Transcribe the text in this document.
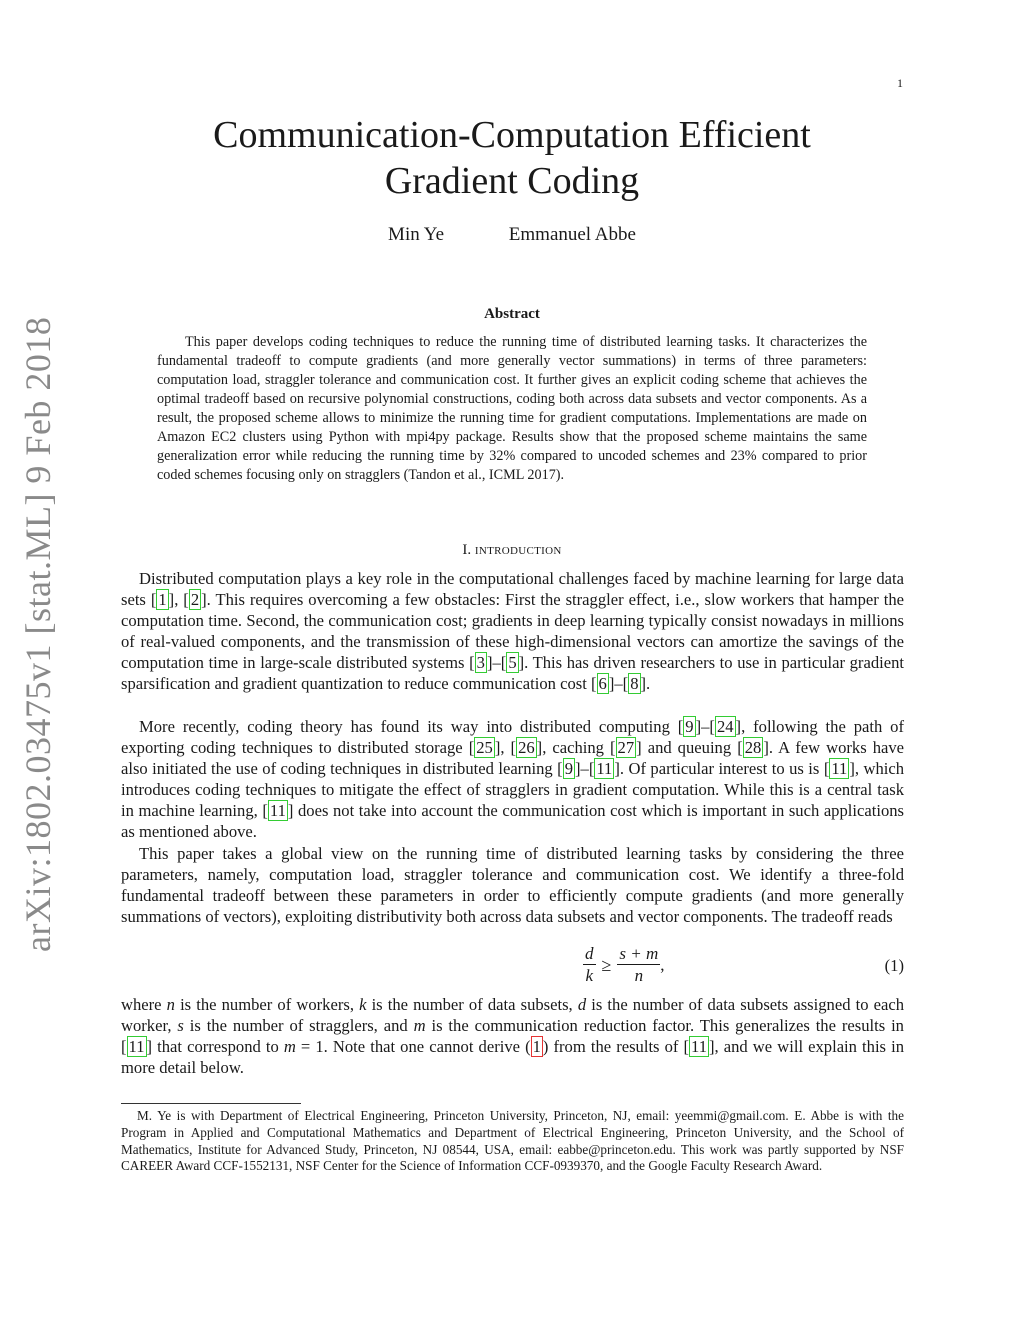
1
arXiv:1802.03475v1 [stat.ML] 9 Feb 2018
Communication-Computation Efficient
Gradient Coding
Min Ye	Emmanuel Abbe
Abstract

This paper develops coding techniques to reduce the running time of distributed learning tasks. It characterizes the fundamental tradeoff to compute gradients (and more generally vector summations) in terms of three parameters: computation load, straggler tolerance and communication cost. It further gives an explicit coding scheme that achieves the optimal tradeoff based on recursive polynomial constructions, coding both across data subsets and vector components. As a result, the proposed scheme allows to minimize the running time for gradient computations. Implementations are made on Amazon EC2 clusters using Python with mpi4py package. Results show that the proposed scheme maintains the same generalization error while reducing the running time by 32% compared to uncoded schemes and 23% compared to prior coded schemes focusing only on stragglers (Tandon et al., ICML 2017).

I. introduction

Distributed computation plays a key role in the computational challenges faced by machine learning for large data sets [ 1 ], [ 2 ]. This requires overcoming a few obstacles: First the straggler effect, i.e., slow workers that hamper the computation time. Second, the communication cost; gradients in deep learning typically consist nowadays in millions of real-valued components, and the transmission of these high-dimensional vectors can amortize the savings of the computation time in large-scale distributed systems [ 3 ]–[ 5 ]. This has driven researchers to use in particular gradient sparsification and gradient quantization to reduce communication cost [ 6 ]–[ 8 ].

More recently, coding theory has found its way into distributed computing [ 9 ]–[ 24 ], following the path of exporting coding techniques to distributed storage [ 25 ], [ 26 ], caching [ 27 ] and queuing [ 28 ]. A few works have also initiated the use of coding techniques in distributed learning [ 9 ]–[ 11 ]. Of particular interest to us is [ 11 ], which introduces coding techniques to mitigate the effect of stragglers in gradient computation. While this is a central task in machine learning, [ 11 ] does not take into account the communication cost which is important in such applications as mentioned above.

This paper takes a global view on the running time of distributed learning tasks by considering the three parameters, namely, computation load, straggler tolerance and communication cost. We identify a three-fold fundamental tradeoff between these parameters in order to efficiently compute gradients (and more generally summations of vectors), exploiting distributivity both across data subsets and vector components. The tradeoff reads

$\frac{d}{k} \ge \frac{s + m}{n}$ ,	(1)

where n is the number of workers, k is the number of data subsets, d is the number of data subsets assigned to each worker, s is the number of stragglers, and m is the communication reduction factor. This generalizes the results in [ 11 ] that correspond to m = 1. Note that one cannot derive ( 1 ) from the results of [ 11 ], and we will explain this in more detail below.

M. Ye is with Department of Electrical Engineering, Princeton University, Princeton, NJ, email: yeemmi@gmail.com. E. Abbe is with the Program in Applied and Computational Mathematics and Department of Electrical Engineering, Princeton University, and the School of Mathematics, Institute for Advanced Study, Princeton, NJ 08544, USA, email: eabbe@princeton.edu. This work was partly supported by NSF CAREER Award CCF-1552131, NSF Center for the Science of Information CCF-0939370, and the Google Faculty Research Award.
